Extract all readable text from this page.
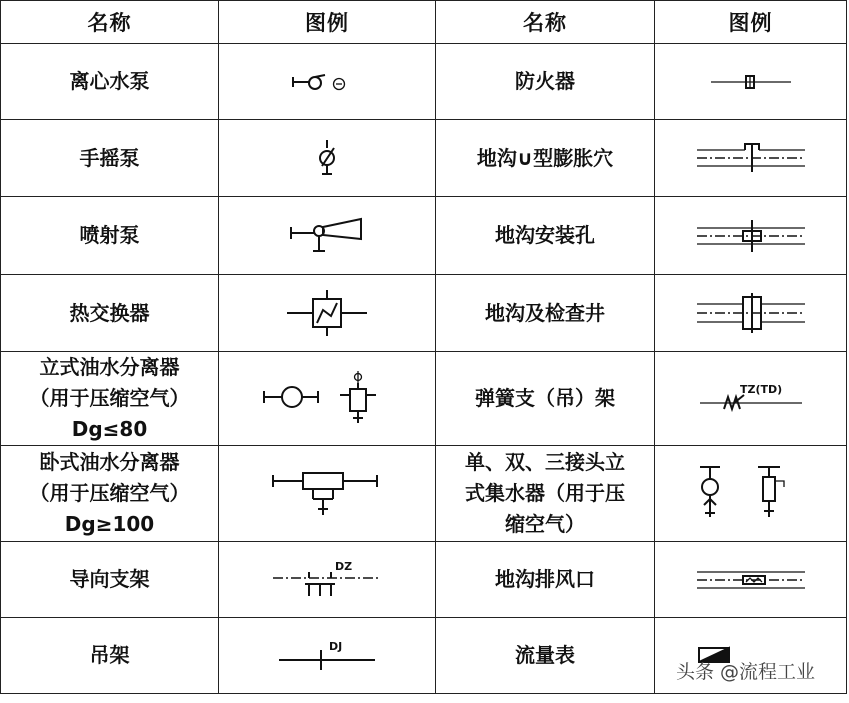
名称	图例	名称	图例

离心水泵		防火器

手摇泵		地沟∪型膨胀穴

喷射泵		地沟安装孔

热交换器		地沟及检查井

立式油水分离器
（用于压缩空气）
Dg≤80		弹簧支（吊）架	TZ(TD)

卧式油水分离器
（用于压缩空气）
Dg≥100		单、双、三接头立
式集水器（用于压
缩空气）

导向支架	DZ	地沟排风口

吊架	DJ	流量表

头条 @流程工业
